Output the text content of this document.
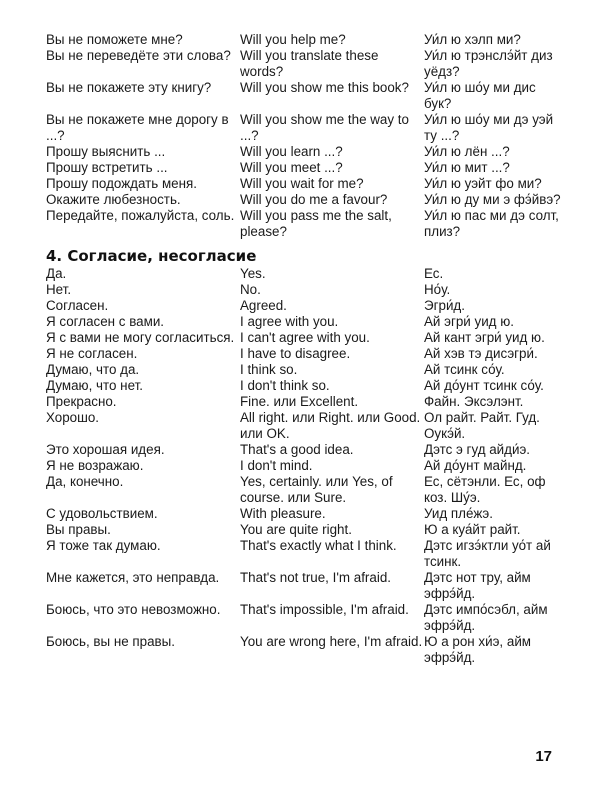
Вы не поможете мне?	Will you help me?	Уи́л ю хэлп ми?
Вы не переведёте эти слова?	Will you translate these words?	Уи́л ю трэнслэ́йт диз уёдз?
Вы не покажете эту книгу?	Will you show me this book?	Уи́л ю шо́у ми дис бук?
Вы не покажете мне дорогу в ...?	Will you show me the way to ...?	Уи́л ю шо́у ми дэ уэй ту ...?
Прошу выяснить ...	Will you learn ...?	Уи́л ю лён ...?
Прошу встретить ...	Will you meet ...?	Уи́л ю мит ...?
Прошу подождать меня.	Will you wait for me?	Уи́л ю уэйт фо ми?
Окажите любезность.	Will you do me a favour?	Уи́л ю ду ми э фэ́йвэ?
Передайте, пожалуйста, соль.	Will you pass me the salt, please?	Уи́л ю пас ми дэ солт, плиз?
4. Согласие, несогласие
Да.	Yes.	Ес.
Нет.	No.	Но́у.
Согласен.	Agreed.	Эгри́д.
Я согласен с вами.	I agree with you.	Ай эгри́ уид ю.
Я с вами не могу согласиться.	I can't agree with you.	Ай кант эгри́ уид ю.
Я не согласен.	I have to disagree.	Ай хэв тэ дисэгри́.
Думаю, что да.	I think so.	Ай тсинк со́у.
Думаю, что нет.	I don't think so.	Ай до́унт тсинк со́у.
Прекрасно.	Fine. или Excellent.	Файн. Эксэлэнт.
Хорошо.	All right. или Right. или Good. или OK.	Ол райт. Райт. Гуд. Оукэ́й.
Это хорошая идея.	That's a good idea.	Дэтс э гуд айди́э.
Я не возражаю.	I don't mind.	Ай до́унт майнд.
Да, конечно.	Yes, certainly. или Yes, of course. или Sure.	Ес, сётэнли. Ес, оф коз. Шу́э.
С удовольствием.	With pleasure.	Уид пле́жэ.
Вы правы.	You are quite right.	Ю а куа́йт райт.
Я тоже так думаю.	That's exactly what I think.	Дэтс игзэ́ктли уо́т ай тсинк.
Мне кажется, это неправда.	That's not true, I'm afraid.	Дэтс нот тру, айм эфрэ́йд.
Боюсь, что это невозможно.	That's impossible, I'm afraid.	Дэтс импо́сэбл, айм эфрэ́йд.
Боюсь, вы не правы.	You are wrong here, I'm afraid.	Ю а рон хи́э, айм эфрэ́йд.
17
